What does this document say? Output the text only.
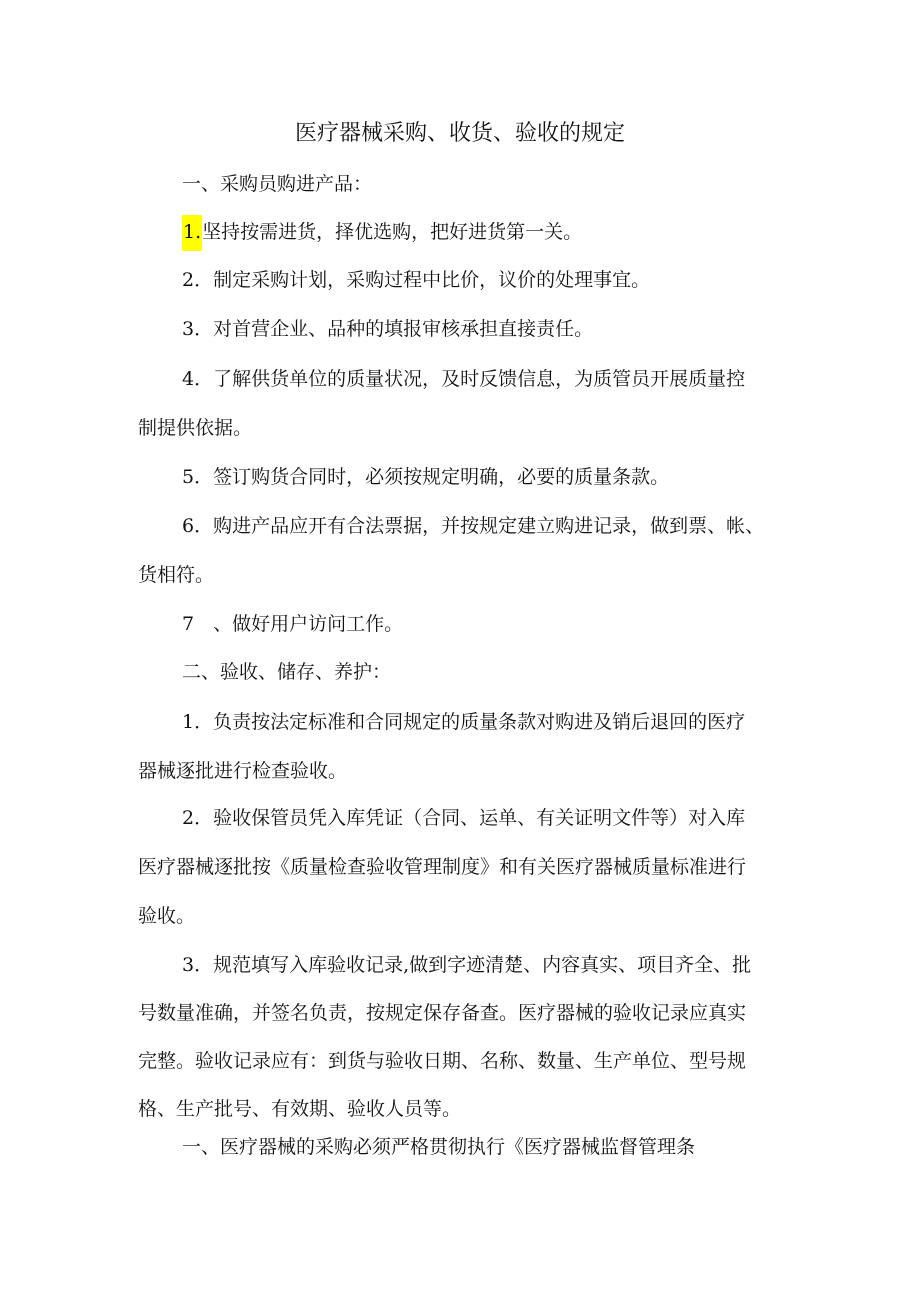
医疗器械采购、收货、验收的规定
一、采购员购进产品：
1.坚持按需进货，择优选购，把好进货第一关。
2．制定采购计划，采购过程中比价，议价的处理事宜。
3．对首营企业、品种的填报审核承担直接责任。
4．了解供货单位的质量状况，及时反馈信息，为质管员开展质量控
制提供依据。
5．签订购货合同时，必须按规定明确，必要的质量条款。
6．购进产品应开有合法票据，并按规定建立购进记录，做到票、帐、
货相符。
7　、做好用户访问工作。
二、验收、储存、养护：
1．负责按法定标准和合同规定的质量条款对购进及销后退回的医疗
器械逐批进行检查验收。
2．验收保管员凭入库凭证（合同、运单、有关证明文件等）对入库
医疗器械逐批按《质量检查验收管理制度》和有关医疗器械质量标准进行
验收。
3．规范填写入库验收记录,做到字迹清楚、内容真实、项目齐全、批
号数量准确，并签名负责，按规定保存备查。医疗器械的验收记录应真实
完整。验收记录应有：到货与验收日期、名称、数量、生产单位、型号规
格、生产批号、有效期、验收人员等。
一、医疗器械的采购必须严格贯彻执行《医疗器械监督管理条
